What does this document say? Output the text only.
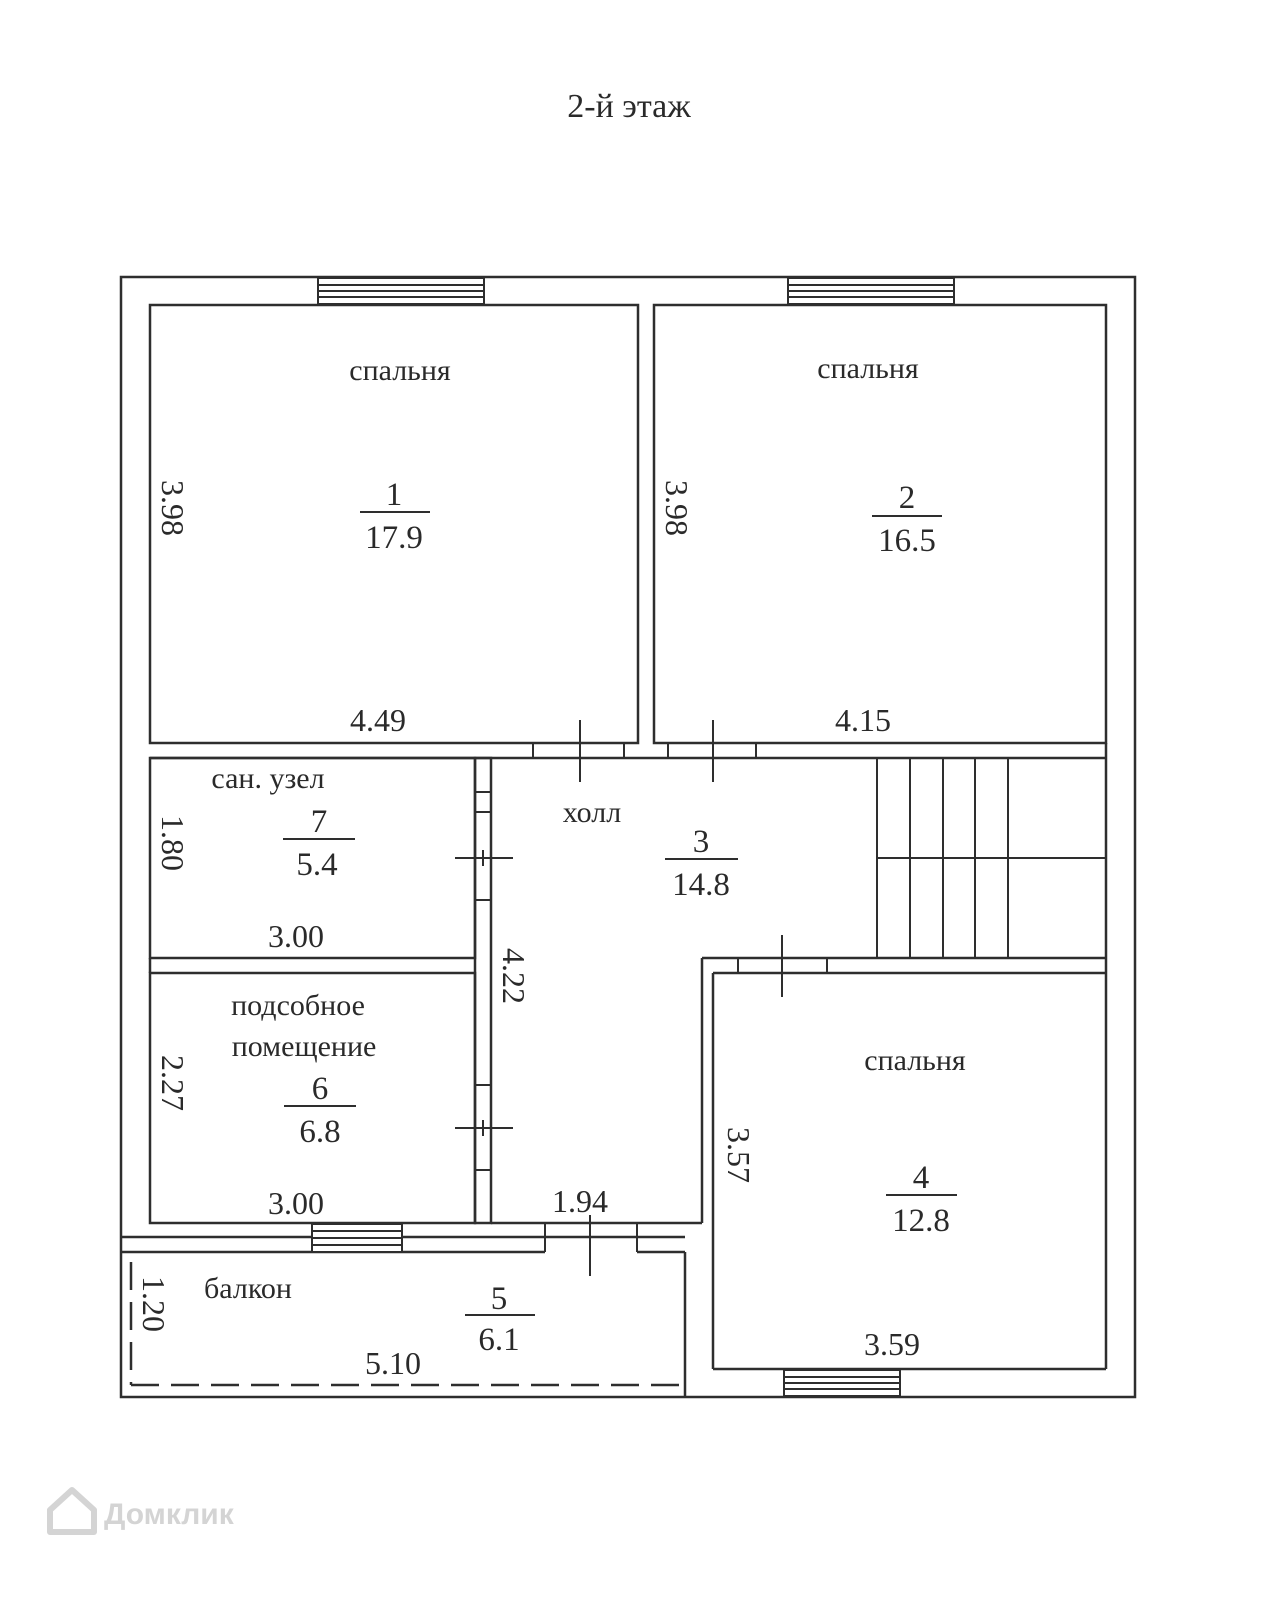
2-й этаж
спальня
1
17.9
4.49
3.98
спальня
2
16.5
4.15
3.98
холл
3
14.8
1.94
4.22
спальня
4
12.8
3.59
3.57
балкон	5
6.1
5.10
1.20
подсобное
помещение
6
6.8
3.00
2.27
сан. узел
7
5.4
3.00
1.80
Домклик
